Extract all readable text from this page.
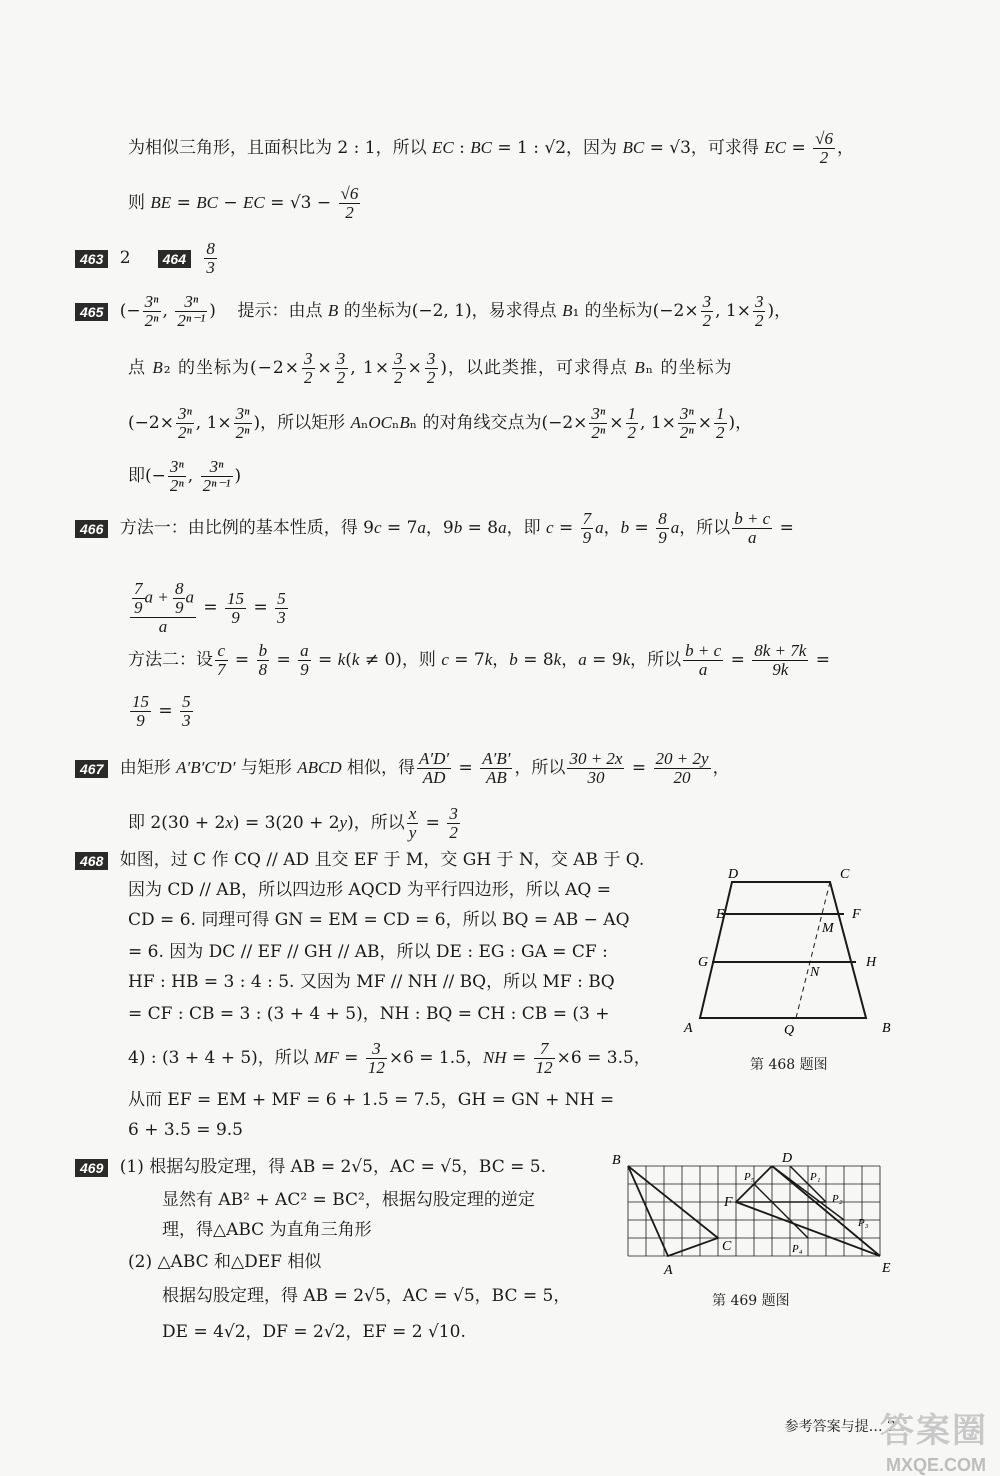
为相似三角形，且面积比为 2 : 1，所以 EC : BC = 1 : √2，因为 BC = √3，可求得 EC = $\frac{√6}{2}$ ，
则 BE = BC − EC = $√3 - \frac{√6}{2}$
463 2 $464 \frac{8}{3}$
465 (− $\frac{\text{3ⁿ}}{\text{2ⁿ}}$ , $\frac{\text{3ⁿ}}{\text{2ⁿ⁻¹}}$ )    提示：由点 B 的坐标为(−2, 1)，易求得点 B₁ 的坐标为($-2\times \frac{3}{2}$ , $1\times \frac{3}{2}$ )，
点 B₂ 的坐标为($-2\times \frac{3}{2} \times \frac{3}{2}$ , $1\times \frac{3}{2} \times \frac{3}{2}$ )，以此类推，可求得点 Bₙ 的坐标为
($-2\times \frac{\text{3ⁿ}}{\text{2ⁿ}}$ , $1\times \frac{\text{3ⁿ}}{\text{2ⁿ}}$ )，所以矩形 AₙOCₙBₙ 的对角线交点为($-2\times \frac{\text{3ⁿ}}{\text{2ⁿ}} \times \frac{1}{2}$ , $1\times \frac{\text{3ⁿ}}{\text{2ⁿ}} \times \frac{1}{2}$ )，
即(− $\frac{\text{3ⁿ}}{\text{2ⁿ}}$ , $\frac{\text{3ⁿ}}{\text{2ⁿ⁻¹}}$ )
466 方法一：由比例的基本性质，得 9c = 7a，9b = 8a，即 $c = \frac{7}{9}$ a，$b = \frac{8}{9}$ a，所以 $\frac{b + c}{a}$ =
$\frac{\frac{7}{9} a + \frac{8}{9} a}{a} = \frac{15}{9} = \frac{5}{3}$
方法二：设 $\frac{c}{7} = \frac{b}{8} = \frac{a}{9} = k(k \ne 0)$，则 c = 7k，b = 8k，a = 9k，所以 $\frac{b + c}{a} = \frac{8k + 7k}{9k}$ =
$\frac{15}{9} = \frac{5}{3}$
467 由矩形 A′B′C′D′ 与矩形 ABCD 相似，得 $\frac{A'D'}{AD} = \frac{A'B'}{AB}$ ，所以 $\frac{30 + 2x}{30} = \frac{20 + 2y}{20}$ ，
即 2(30 + 2x) = 3(20 + 2y)，所以 $\frac{x}{y} = \frac{3}{2}$
468 如图，过 C 作 CQ // AD 且交 EF 于 M，交 GH 于 N，交 AB 于 Q.
因为 CD // AB，所以四边形 AQCD 为平行四边形，所以 AQ =
CD = 6. 同理可得 GN = EM = CD = 6，所以 BQ = AB − AQ
= 6. 因为 DC // EF // GH // AB，所以 DE : EG : GA = CF :
HF : HB = 3 : 4 : 5. 又因为 MF // NH // BQ，所以 MF : BQ
= CF : CB = 3 : (3 + 4 + 5)，NH : BQ = CH : CB = (3 +
4) : (3 + 4 + 5)，所以 MF = $\frac{3}{12} \times 6 = 1.5$，NH = $\frac{7}{12} \times 6 = 3.5$，
从而 EF = EM + MF = 6 + 1.5 = 7.5，GH = GN + NH =
6 + 3.5 = 9.5
D	C
E	F
M
G	H
N
A	Q	B
第 468 题图
469 (1) 根据勾股定理，得 AB = 2√5，AC = √5，BC = 5.
显然有 AB² + AC² = BC²，根据勾股定理的逆定
理，得△ABC 为直角三角形
(2) △ABC 和△DEF 相似
根据勾股定理，得 AB = 2√5，AC = √5，BC = 5，
DE = 4√2，DF = 2√2，EF = 2 √10.
B	D
P₅	P₁
F	P₂
P₃
C	P₄
A	E
第 469 题图
参考答案与提… 2…
答案圈
MXQE.COM
